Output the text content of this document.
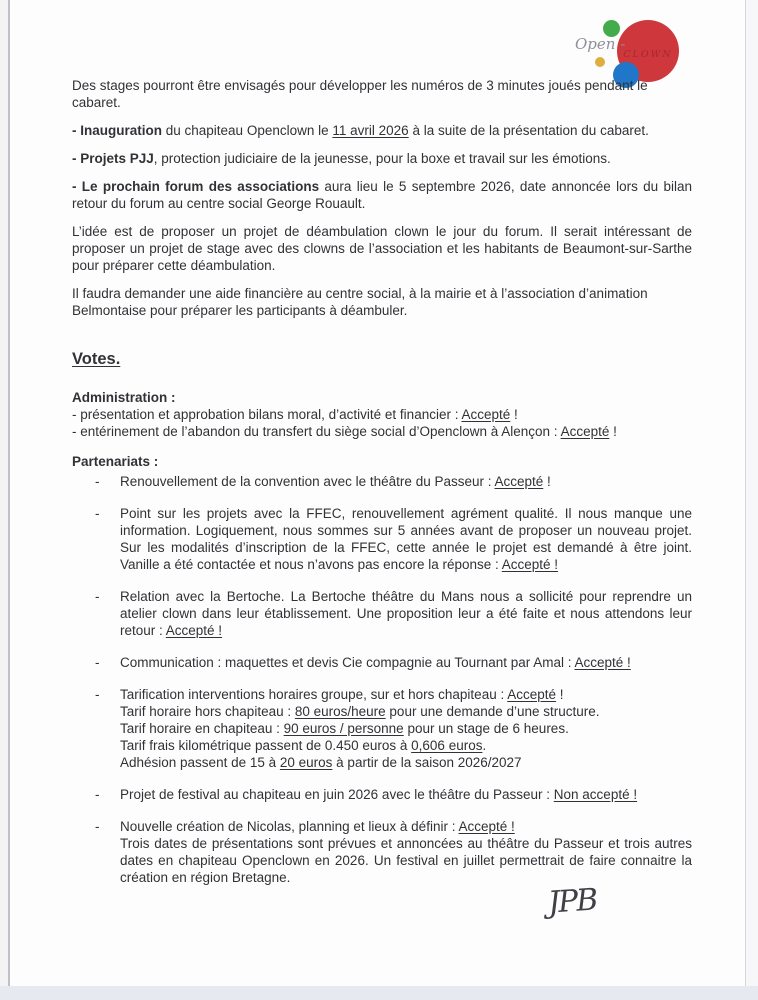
CLOWN
Open -
Des stages pourront être envisagés pour développer les numéros de 3 minutes joués pendant le cabaret.
- Inauguration du chapiteau Openclown le 11 avril 2026 à la suite de la présentation du cabaret.
- Projets PJJ, protection judiciaire de la jeunesse, pour la boxe et travail sur les émotions.
- Le prochain forum des associations aura lieu le 5 septembre 2026, date annoncée lors du bilan retour du forum au centre social George Rouault.
L’idée est de proposer un projet de déambulation clown le jour du forum. Il serait intéressant de proposer un projet de stage avec des clowns de l’association et les habitants de Beaumont-sur-Sarthe pour préparer cette déambulation.
Il faudra demander une aide financière au centre social, à la mairie et à l’association d’animation Belmontaise pour préparer les participants à déambuler.
Votes.
Administration :
- présentation et approbation bilans moral, d’activité et financier : Accepté !
- entérinement de l’abandon du transfert du siège social d’Openclown à Alençon : Accepté !
Partenariats :
-	Renouvellement de la convention avec le théâtre du Passeur : Accepté !
-	Point sur les projets avec la FFEC, renouvellement agrément qualité. Il nous manque une information. Logiquement, nous sommes sur 5 années avant de proposer un nouveau projet. Sur les modalités d’inscription de la FFEC, cette année le projet est demandé à être joint. Vanille a été contactée et nous n’avons pas encore la réponse : Accepté !
-	Relation avec la Bertoche. La Bertoche théâtre du Mans nous a sollicité pour reprendre un atelier clown dans leur établissement. Une proposition leur a été faite et nous attendons leur retour : Accepté !
-	Communication : maquettes et devis Cie compagnie au Tournant par Amal : Accepté !
-	Tarification interventions horaires groupe, sur et hors chapiteau : Accepté !
Tarif horaire hors chapiteau : 80 euros/heure pour une demande d’une structure.
Tarif horaire en chapiteau : 90 euros / personne pour un stage de 6 heures.
Tarif frais kilométrique passent de 0.450 euros à 0,606 euros.
Adhésion passent de 15 à 20 euros à partir de la saison 2026/2027
-	Projet de festival au chapiteau en juin 2026 avec le théâtre du Passeur : Non accepté !
-	Nouvelle création de Nicolas, planning et lieux à définir : Accepté !
Trois dates de présentations sont prévues et annoncées au théâtre du Passeur et trois autres dates en chapiteau Openclown en 2026. Un festival en juillet permettrait de faire connaitre la création en région Bretagne.
JPB
